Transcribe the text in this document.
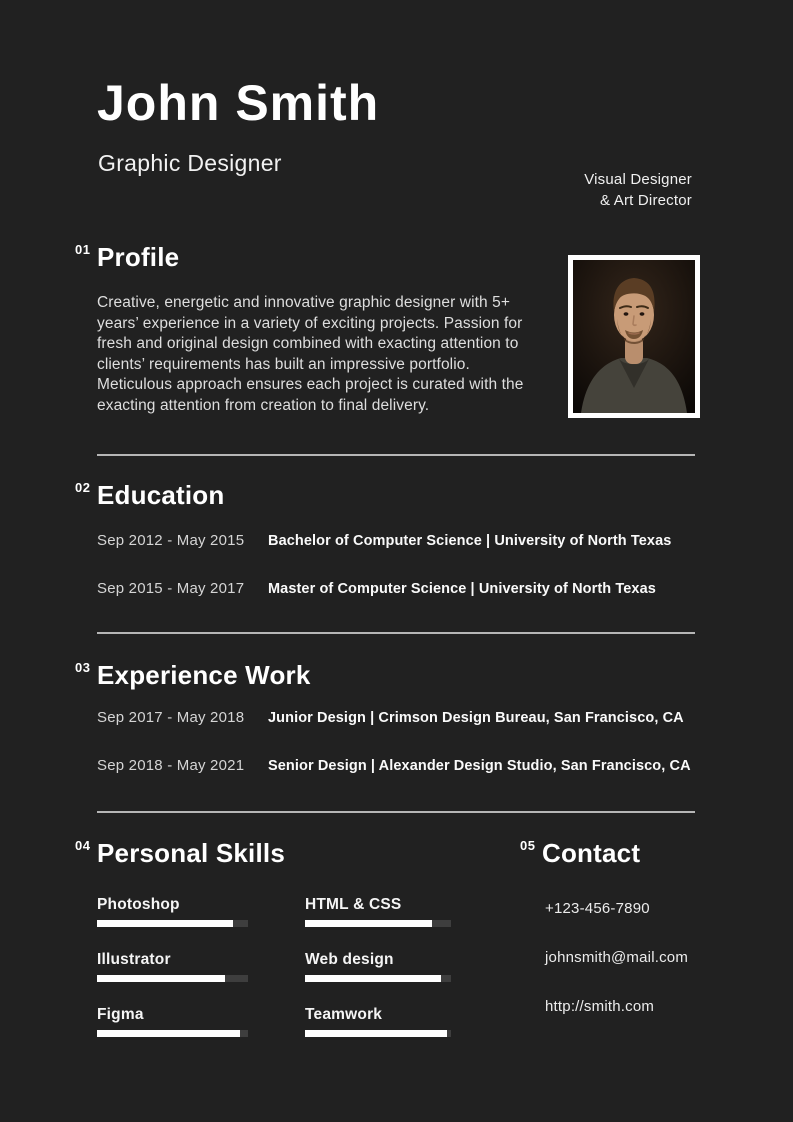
John Smith

Graphic Designer

Visual Designer
& Art Director

01 Profile

Creative, energetic and innovative graphic designer with 5+ years’ experience in a variety of exciting projects. Passion for fresh and original design combined with exacting attention to clients’ requirements has built an impressive portfolio. Meticulous approach ensures each project is curated with the exacting attention from creation to final delivery.

02 Education
Sep 2012 - May 2015	Bachelor of Computer Science | University of North Texas
Sep 2015 - May 2017	Master of Computer Science | University of North Texas
03 Experience Work
Sep 2017 - May 2018	Junior Design | Crimson Design Bureau, San Francisco, CA
Sep 2018 - May 2021	Senior Design | Alexander Design Studio, San Francisco, CA
04 Personal Skills
Photoshop	HTML & CSS
Illustrator	Web design
Figma	Teamwork
05 Contact
+123-456-7890
johnsmith@mail.com
http://smith.com
